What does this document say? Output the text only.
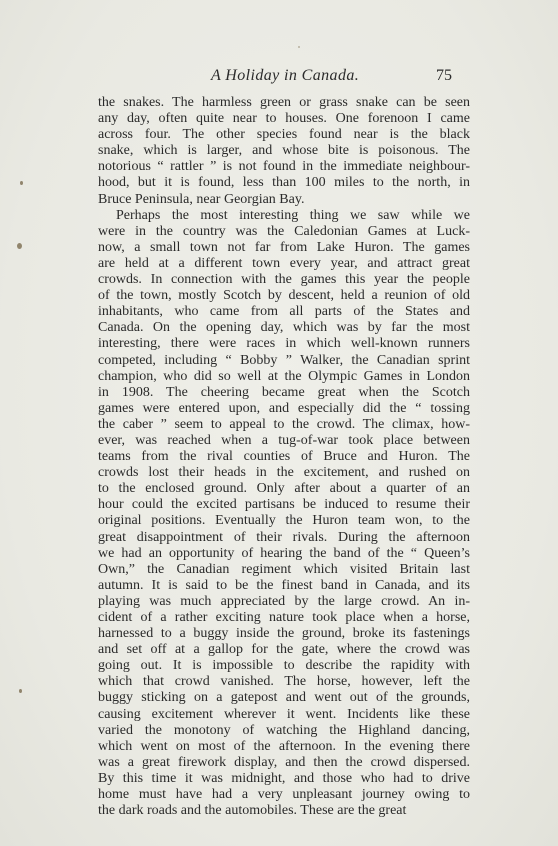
A Holiday in Canada.	75

the snakes. The harmless green or grass snake can be seen
any day, often quite near to houses. One forenoon I came
across four. The other species found near is the black
snake, which is larger, and whose bite is poisonous. The
notorious “ rattler ” is not found in the immediate neighbour-
hood, but it is found, less than 100 miles to the north, in
Bruce Peninsula, near Georgian Bay.

Perhaps the most interesting thing we saw while we
were in the country was the Caledonian Games at Luck-
now, a small town not far from Lake Huron. The games
are held at a different town every year, and attract great
crowds. In connection with the games this year the people
of the town, mostly Scotch by descent, held a reunion of old
inhabitants, who came from all parts of the States and
Canada. On the opening day, which was by far the most
interesting, there were races in which well-known runners
competed, including “ Bobby ” Walker, the Canadian sprint
champion, who did so well at the Olympic Games in London
in 1908. The cheering became great when the Scotch
games were entered upon, and especially did the “ tossing
the caber ” seem to appeal to the crowd. The climax, how-
ever, was reached when a tug-of-war took place between
teams from the rival counties of Bruce and Huron. The
crowds lost their heads in the excitement, and rushed on
to the enclosed ground. Only after about a quarter of an
hour could the excited partisans be induced to resume their
original positions. Eventually the Huron team won, to the
great disappointment of their rivals. During the afternoon
we had an opportunity of hearing the band of the “ Queen’s
Own,” the Canadian regiment which visited Britain last
autumn. It is said to be the finest band in Canada, and its
playing was much appreciated by the large crowd. An in-
cident of a rather exciting nature took place when a horse,
harnessed to a buggy inside the ground, broke its fastenings
and set off at a gallop for the gate, where the crowd was
going out. It is impossible to describe the rapidity with
which that crowd vanished. The horse, however, left the
buggy sticking on a gatepost and went out of the grounds,
causing excitement wherever it went. Incidents like these
varied the monotony of watching the Highland dancing,
which went on most of the afternoon. In the evening there
was a great firework display, and then the crowd dispersed.
By this time it was midnight, and those who had to drive
home must have had a very unpleasant journey owing to
the dark roads and the automobiles. These are the great
